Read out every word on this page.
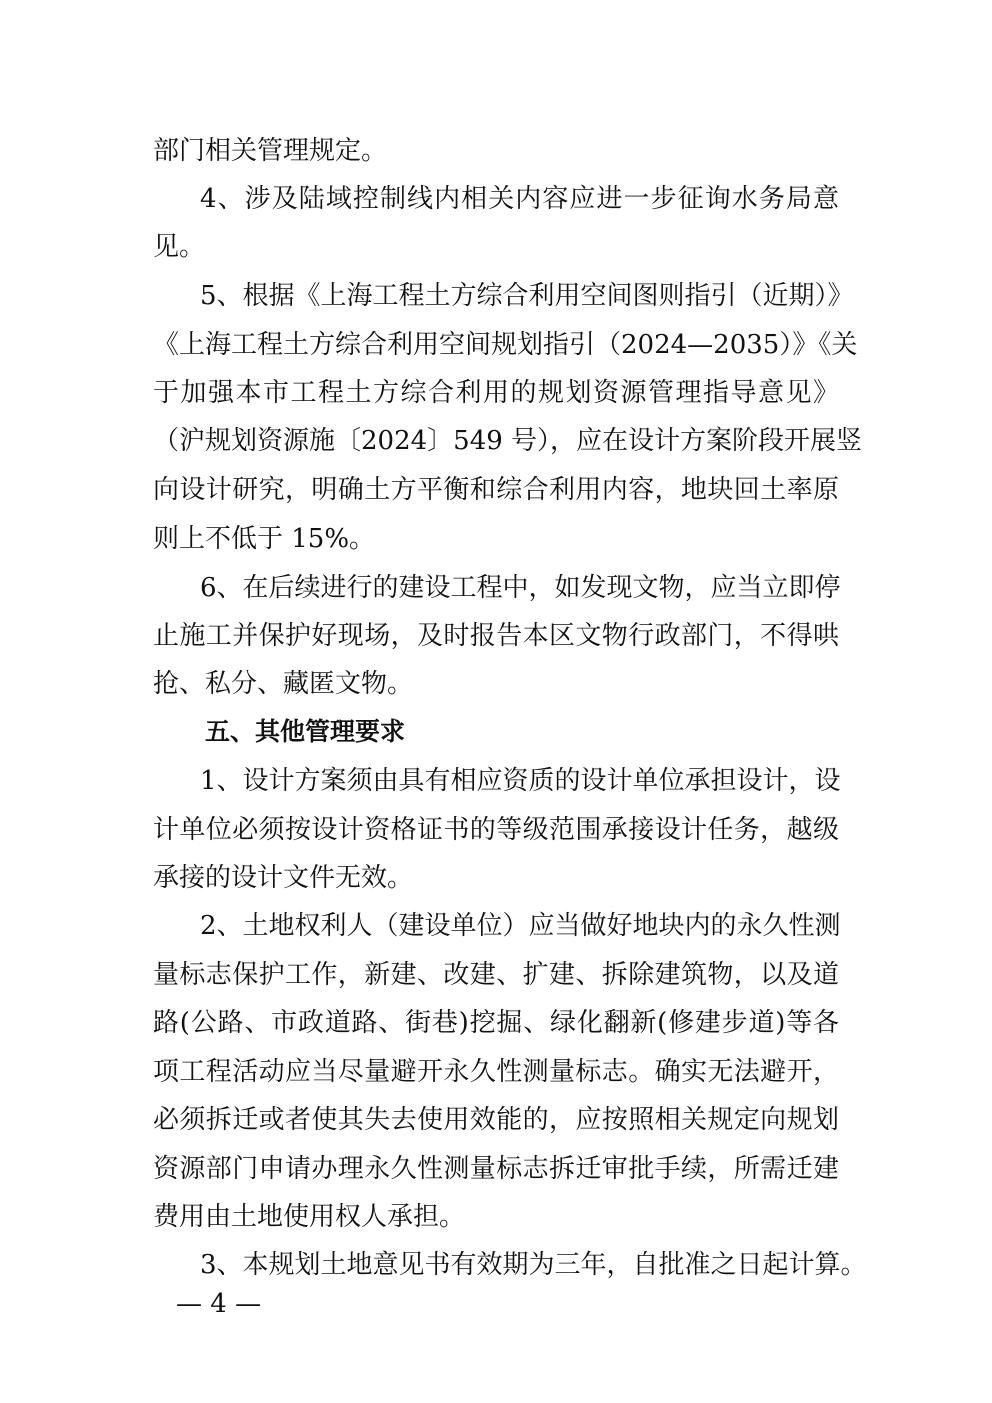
部门相关管理规定。
4、涉及陆域控制线内相关内容应进一步征询水务局意
见。
5、根据《上海工程土方综合利用空间图则指引（近期）》
《上海工程土方综合利用空间规划指引（2024—2035）》《关
于加强本市工程土方综合利用的规划资源管理指导意见》
（沪规划资源施〔2024〕549 号），应在设计方案阶段开展竖
向设计研究，明确土方平衡和综合利用内容，地块回土率原
则上不低于 15%。
6、在后续进行的建设工程中，如发现文物，应当立即停
止施工并保护好现场，及时报告本区文物行政部门，不得哄
抢、私分、藏匿文物。
五、其他管理要求
1、设计方案须由具有相应资质的设计单位承担设计，设
计单位必须按设计资格证书的等级范围承接设计任务，越级
承接的设计文件无效。
2、土地权利人（建设单位）应当做好地块内的永久性测
量标志保护工作，新建、改建、扩建、拆除建筑物，以及道
路(公路、市政道路、街巷)挖掘、绿化翻新(修建步道)等各
项工程活动应当尽量避开永久性测量标志。确实无法避开，
必须拆迁或者使其失去使用效能的，应按照相关规定向规划
资源部门申请办理永久性测量标志拆迁审批手续，所需迁建
费用由土地使用权人承担。
3、本规划土地意见书有效期为三年，自批准之日起计算。
— 4 —
